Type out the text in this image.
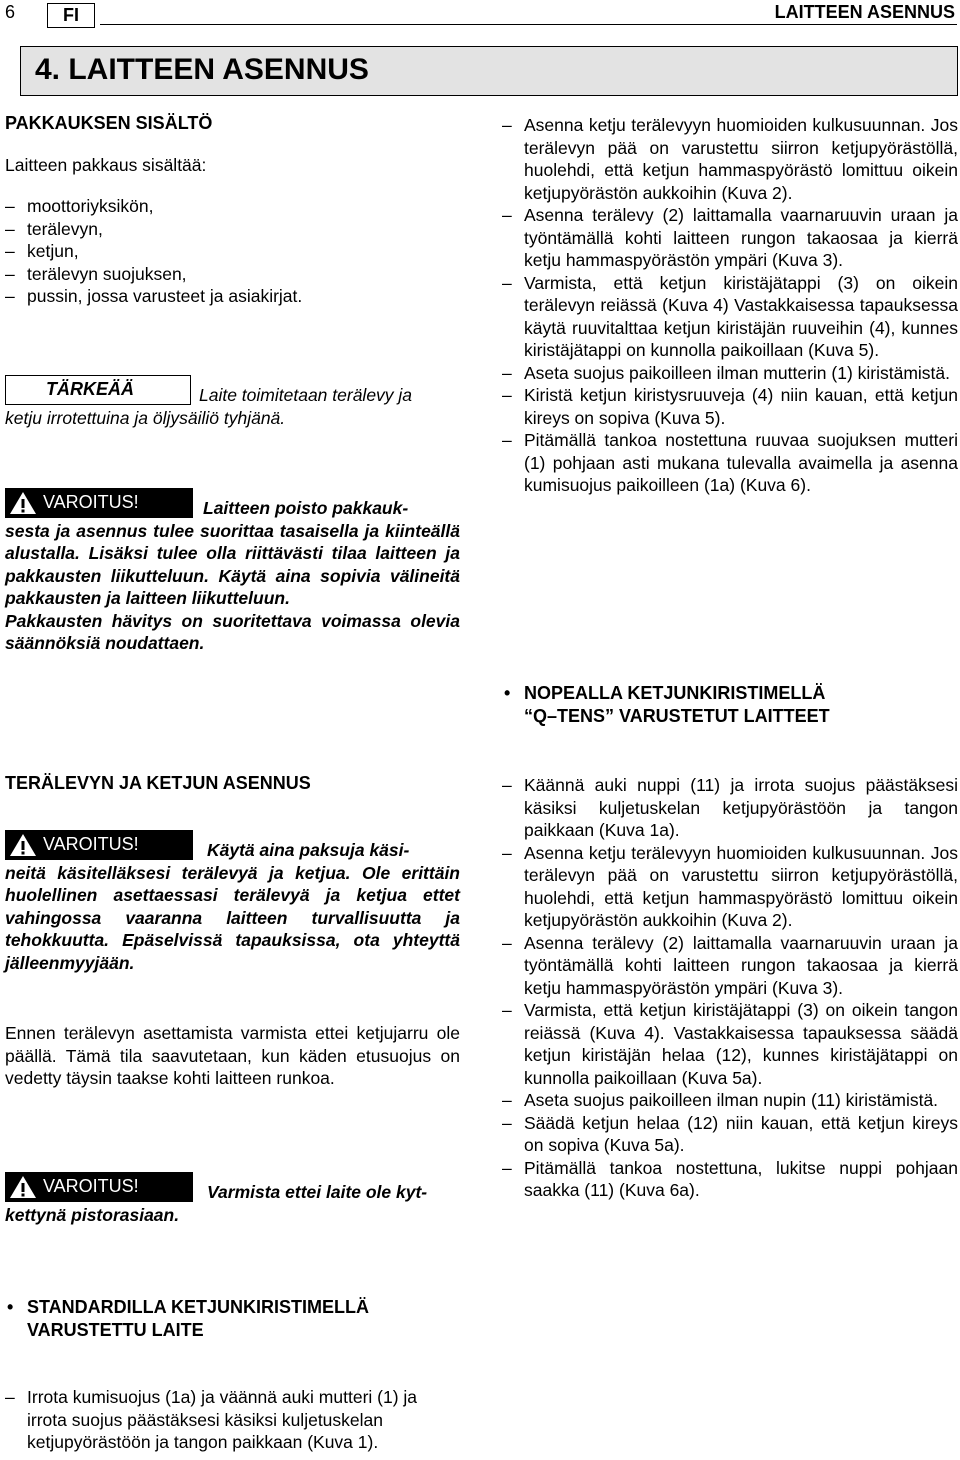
6	FI	LAITTEEN ASENNUS
4. LAITTEEN ASENNUS

PAKKAUKSEN SISÄLTÖ

Laitteen pakkaus sisältää:

– moottoriyksikön,

– terälevyn,

– ketjun,

– terälevyn suojuksen,

– pussin, jossa varusteet ja asiakirjat.

TÄRKEÄÄ	Laite toimitetaan terälevy ja

ketju irrotettuina ja öljysäiliö tyhjänä.

VAROITUS!	Laitteen poisto pakkauk-

sesta ja asennus tulee suorittaa tasaisella ja kiinteällä alustalla. Lisäksi tulee olla riittävästi tilaa laitteen ja pakkausten liikutteluun. Käytä aina sopivia välineitä pakkausten ja laitteen liikutteluun.

Pakkausten hävitys on suoritettava voimassa olevia säännöksiä noudattaen.

TERÄLEVYN JA KETJUN ASENNUS

VAROITUS!	Käytä aina paksuja käsi-

neitä käsitelläksesi terälevyä ja ketjua. Ole erittäin huolellinen asettaessasi terälevyä ja ketjua ettet vahingossa vaaranna laitteen turvallisuutta ja tehokkuutta. Epäselvissä tapauksissa, ota yhteyttä jälleenmyyjään.

Ennen terälevyn asettamista varmista ettei ketjujarru ole päällä. Tämä tila saavutetaan, kun käden etusuojus on vedetty täysin taakse kohti laitteen runkoa.

VAROITUS!	Varmista ettei laite ole kyt-

kettynä pistorasiaan.

• STANDARDILLA KETJUNKIRISTIMELLÄ

VARUSTETTU LAITE

– Irrota kumisuojus (1a) ja väännä auki mutteri (1) ja irrota suojus päästäksesi käsiksi kuljetuskelan ketjupyörästöön ja tangon paikkaan (Kuva 1).

– Asenna ketju terälevyyn huomioiden kulkusuunnan. Jos terälevyn pää on varustettu siirron ketjupyörästöllä, huolehdi, että ketjun hammaspyörästö lomittuu oikein ketjupyörästön aukkoihin (Kuva 2).

– Asenna terälevy (2) laittamalla vaarnaruuvin uraan ja työntämällä kohti laitteen rungon takaosaa ja kierrä ketju hammaspyörästön ympäri (Kuva 3).

– Varmista, että ketjun kiristäjätappi (3) on oikein terälevyn reiässä (Kuva 4) Vastakkaisessa tapauksessa käytä ruuvitalttaa ketjun kiristäjän ruuveihin (4), kunnes kiristäjätappi on kunnolla paikoillaan (Kuva 5).

– Aseta suojus paikoilleen ilman mutterin (1) kiristämistä.

– Kiristä ketjun kiristysruuveja (4) niin kauan, että ketjun kireys on sopiva (Kuva 5).

– Pitämällä tankoa nostettuna ruuvaa suojuksen mutteri (1) pohjaan asti mukana tulevalla avaimella ja asenna kumisuojus paikoilleen (1a) (Kuva 6).

• NOPEALLA KETJUNKIRISTIMELLÄ

“Q–TENS” VARUSTETUT LAITTEET

– Käännä auki nuppi (11) ja irrota suojus päästäksesi käsiksi kuljetuskelan ketjupyörästöön ja tangon paikkaan (Kuva 1a).

– Asenna ketju terälevyyn huomioiden kulkusuunnan. Jos terälevyn pää on varustettu siirron ketjupyörästöllä, huolehdi, että ketjun hammaspyörästö lomittuu oikein ketjupyörästön aukkoihin (Kuva 2).

– Asenna terälevy (2) laittamalla vaarnaruuvin uraan ja työntämällä kohti laitteen rungon takaosaa ja kierrä ketju hammaspyörästön ympäri (Kuva 3).

– Varmista, että ketjun kiristäjätappi (3) on oikein tangon reiässä (Kuva 4). Vastakkaisessa tapauksessa säädä ketjun kiristäjän helaa (12), kunnes kiristäjätappi on kunnolla paikoillaan (Kuva 5a).

– Aseta suojus paikoilleen ilman nupin (11) kiristämistä.

– Säädä ketjun helaa (12) niin kauan, että ketjun kireys on sopiva (Kuva 5a).

– Pitämällä tankoa nostettuna, lukitse nuppi pohjaan saakka (11) (Kuva 6a).
